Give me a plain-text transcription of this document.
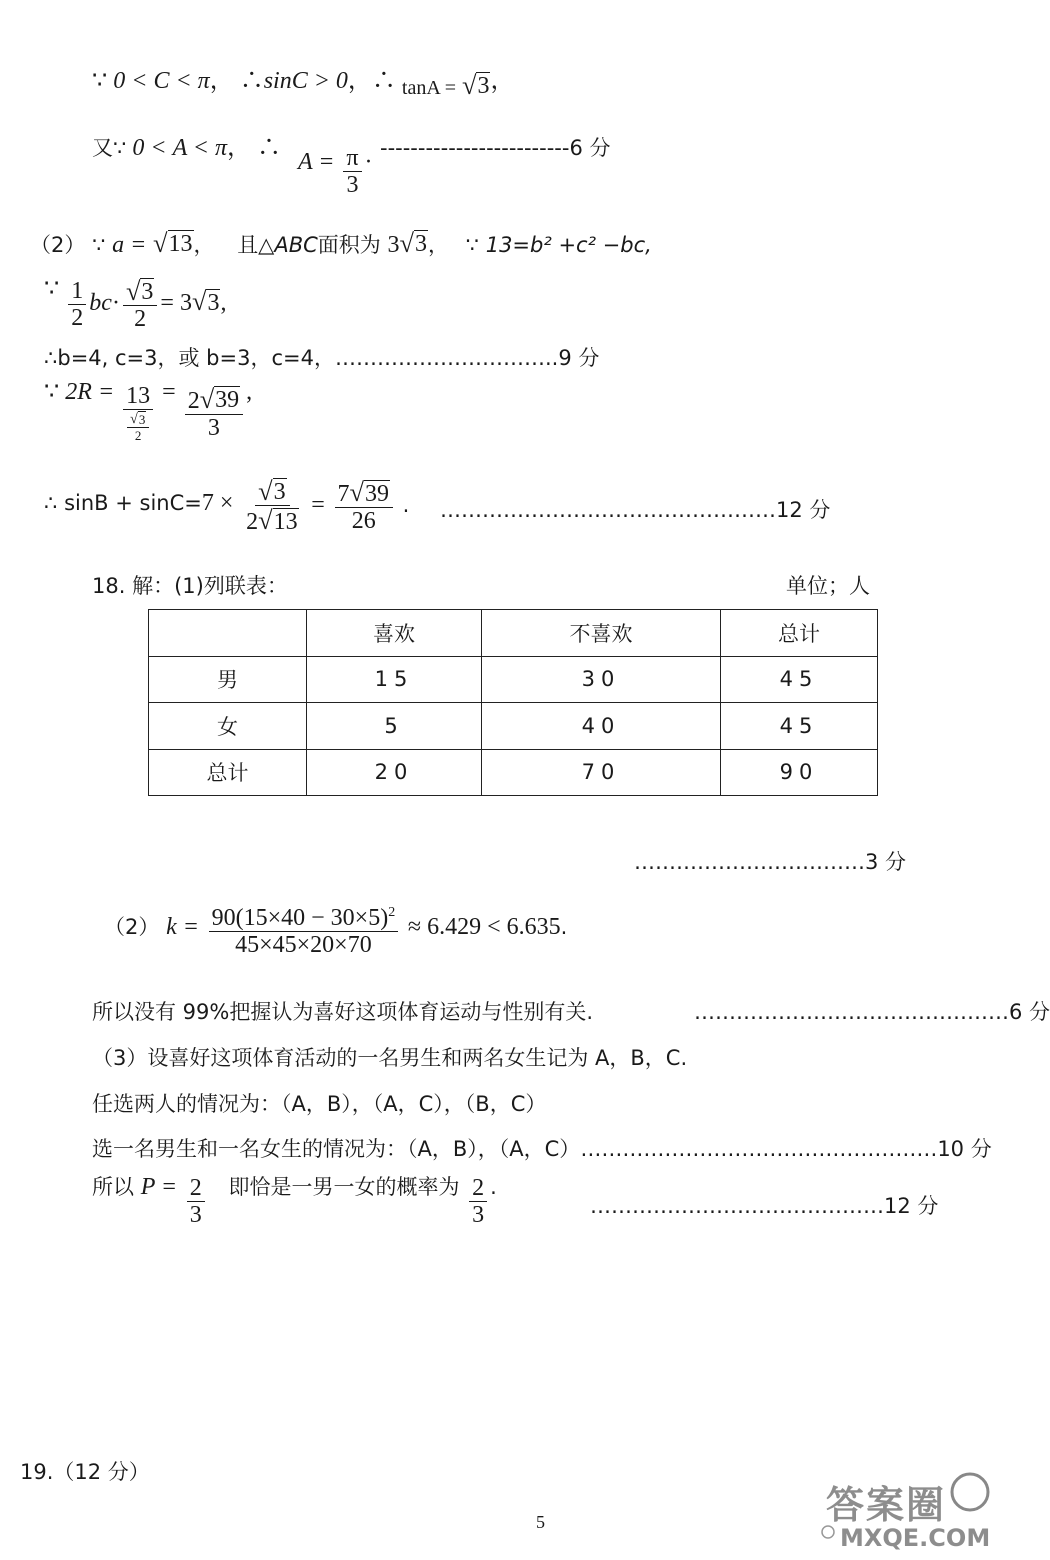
∵ 0 < C < π， ∴sinC > 0，∴ $_{tanA =}$ √ 3 ，
又∵ 0 < A < π， ∴
$A = \frac{\pi}{3}$ ·
-------------------------6 分
（2） ∵ a = √ 13 ， 且△ABC面积为 3 √ 3 ， ∵ 13=b² +c² −bc,
∵ $\frac{1}{2} bc\cdot \frac{√ 3}{2} = 3$ √ 3 ,
∴b=4, c=3，或 b=3，c=4，…………………………..9 分
∵ $2R = \frac{13}{\frac{√ 3}{2}} = \frac{2 √ 39}{3}$ ,
∴ $\sin B + \sin C=7 \times \frac{√ 3}{2 √ 13} = \frac{7 √ 39}{26}$ . …………………………………………12 分
18. 解：(1)列联表：	单位；人
	喜欢	不喜欢	总计
男	15	30	45
女	5	40	45
总计	20	70	90
……………………………3 分
（2） $k = \frac{90(15\times 40 - 30\times 5)^2}{45\times 45\times 20\times 70} \approx 6.429 < 6.635$.
所以没有 99%把握认为喜好这项体育运动与性别有关.	………………………………………6 分
（3）设喜好这项体育活动的一名男生和两名女生记为 A，B，C.
任选两人的情况为：（A，B），（A，C），（B，C）
选一名男生和一名女生的情况为：（A，B），（A，C）……………………………………………10 分
所以 $P = \frac{2}{3}$ 即恰是一男一女的概率为 $\frac{2}{3}$ .
……………………………………12 分
19.（12 分）
5	答案圈
MXQE.COM
